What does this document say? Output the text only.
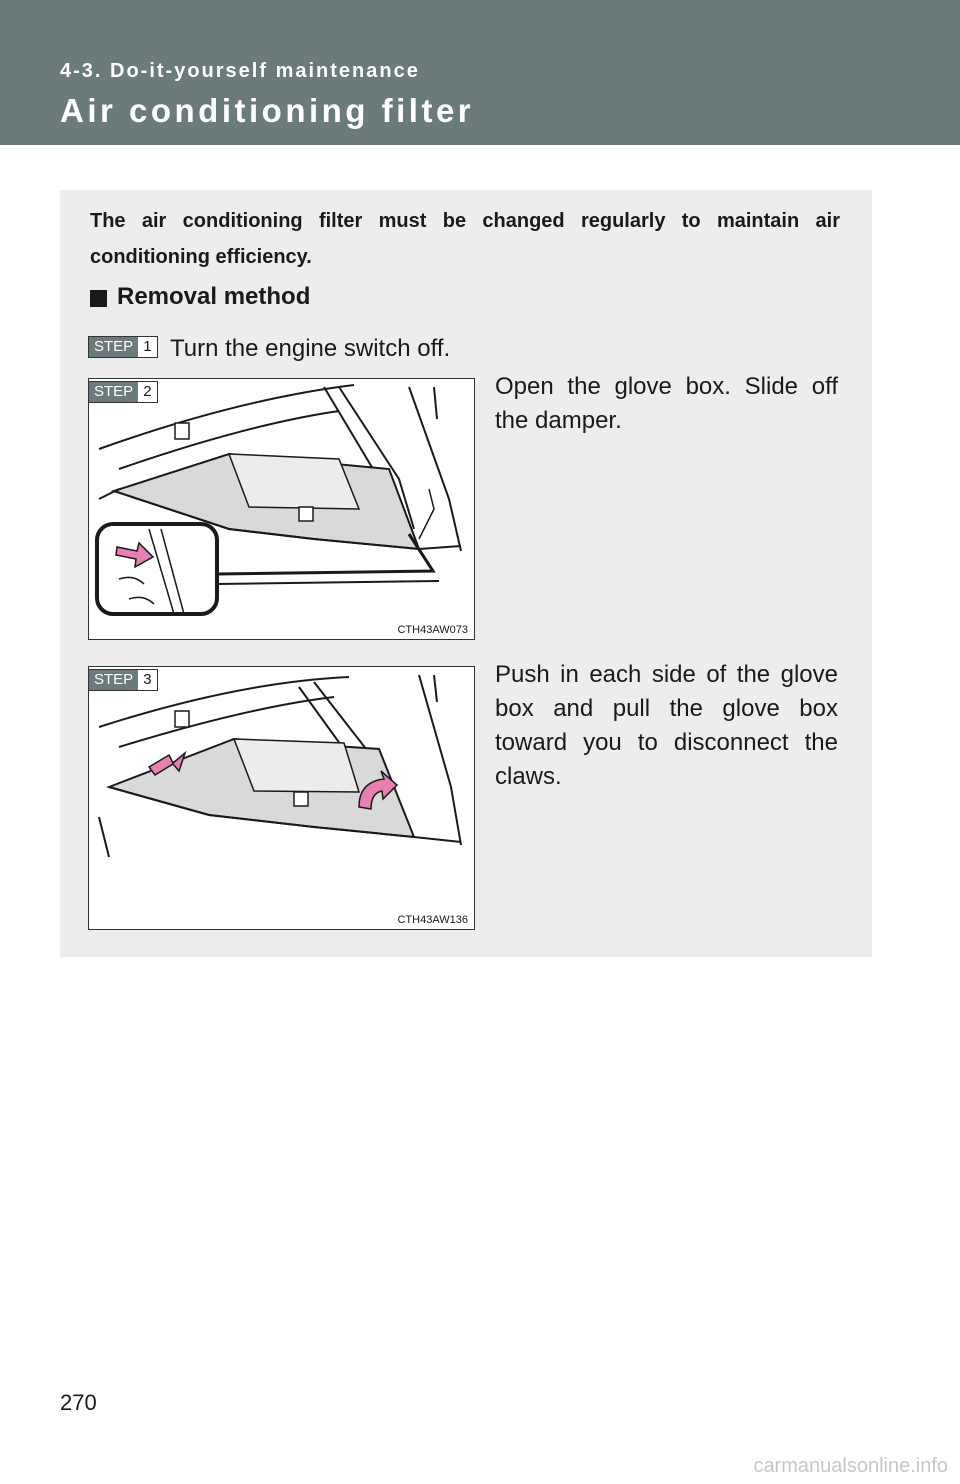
4-3. Do-it-yourself maintenance
Air conditioning filter
The air conditioning filter must be changed regularly to maintain air conditioning efficiency.
Removal method
STEP 1 Turn the engine switch off.
CTH43AW073
STEP 2	Open the glove box. Slide off the damper.
CTH43AW136
STEP 3	Push in each side of the glove box and pull the glove box toward you to disconnect the claws.
270
carmanualsonline.info
